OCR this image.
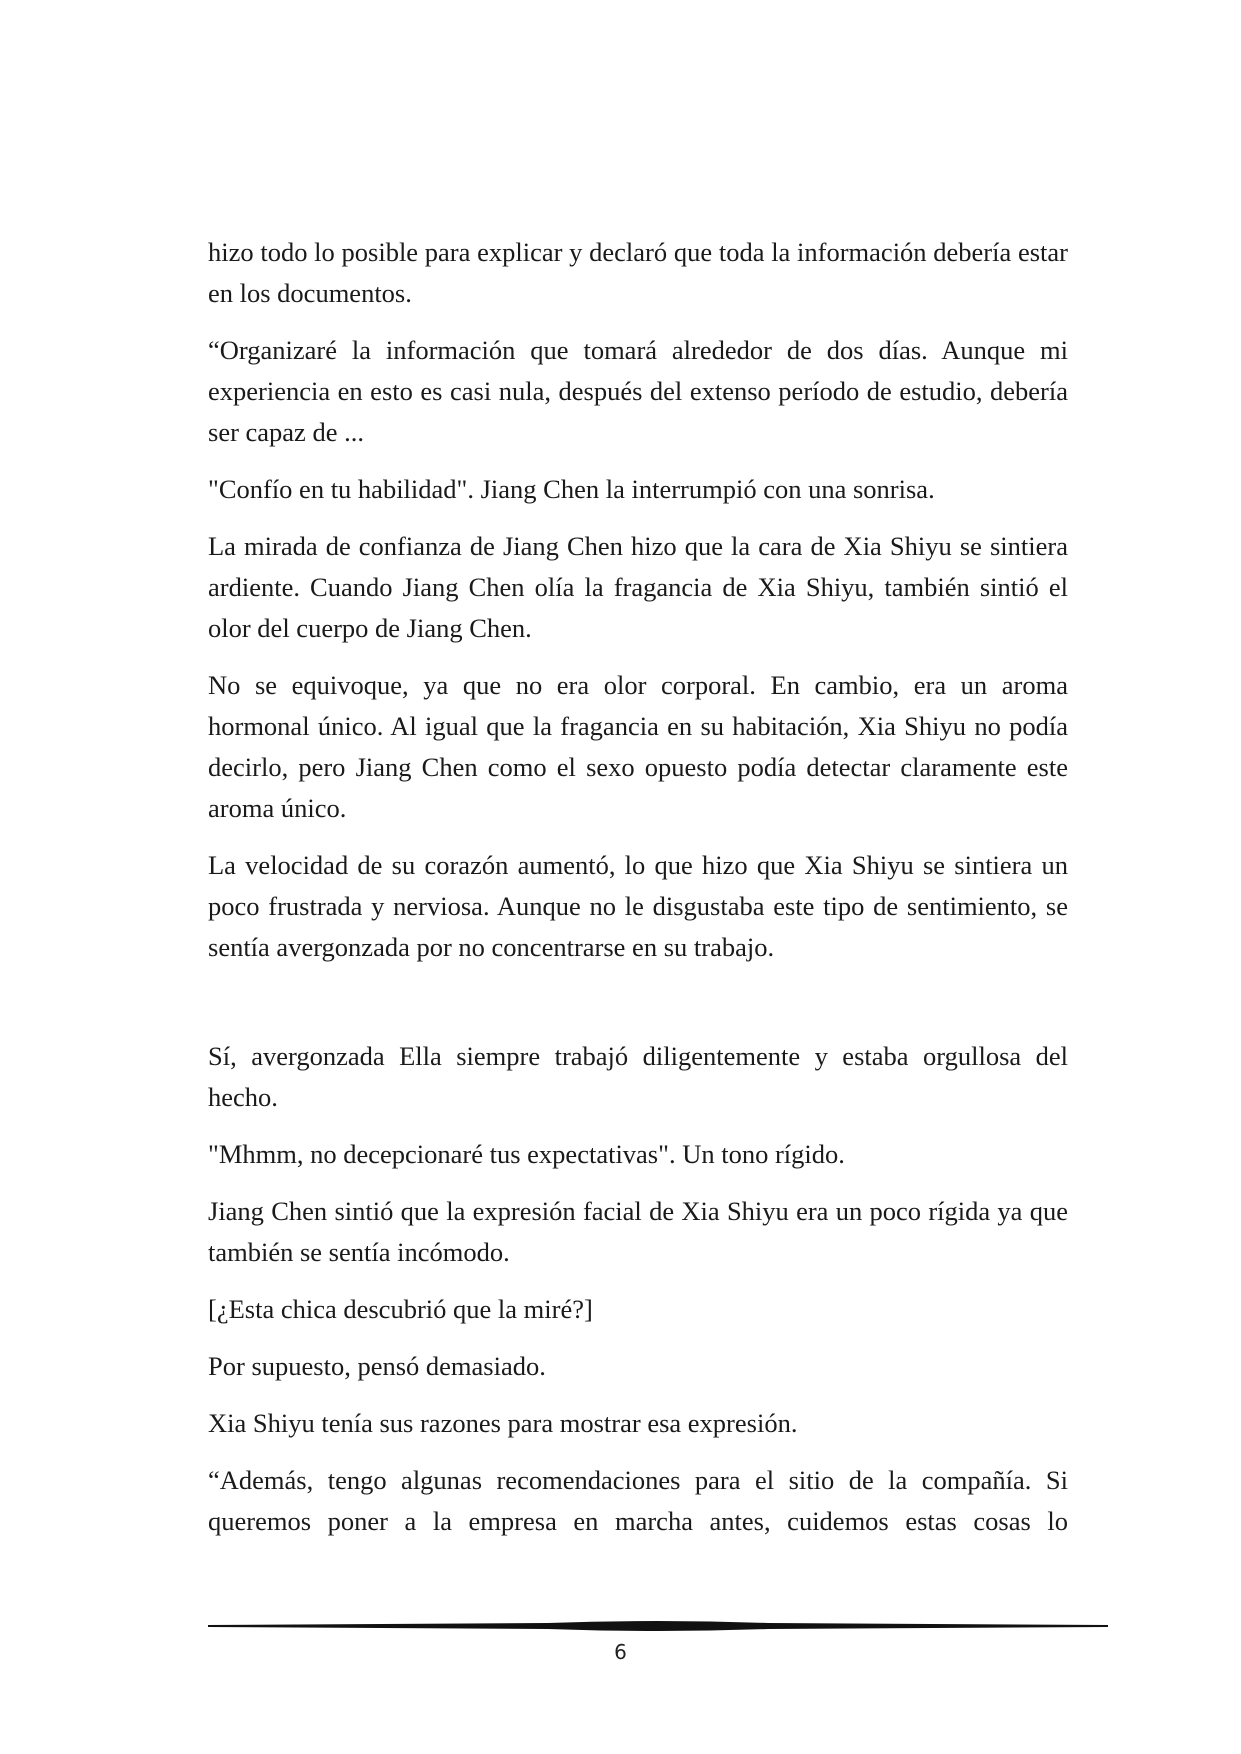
hizo todo lo posible para explicar y declaró que toda la información debería estar en los documentos.

“Organizaré la información que tomará alrededor de dos días. Aunque mi experiencia en esto es casi nula, después del extenso período de estudio, debería ser capaz de ...

"Confío en tu habilidad". Jiang Chen la interrumpió con una sonrisa.

La mirada de confianza de Jiang Chen hizo que la cara de Xia Shiyu se sintiera ardiente. Cuando Jiang Chen olía la fragancia de Xia Shiyu, también sintió el olor del cuerpo de Jiang Chen.

No se equivoque, ya que no era olor corporal. En cambio, era un aroma hormonal único. Al igual que la fragancia en su habitación, Xia Shiyu no podía decirlo, pero Jiang Chen como el sexo opuesto podía detectar claramente este aroma único.

La velocidad de su corazón aumentó, lo que hizo que Xia Shiyu se sintiera un poco frustrada y nerviosa. Aunque no le disgustaba este tipo de sentimiento, se sentía avergonzada por no concentrarse en su trabajo.

Sí, avergonzada Ella siempre trabajó diligentemente y estaba orgullosa del hecho.

"Mhmm, no decepcionaré tus expectativas". Un tono rígido.

Jiang Chen sintió que la expresión facial de Xia Shiyu era un poco rígida ya que también se sentía incómodo.

[¿Esta chica descubrió que la miré?]

Por supuesto, pensó demasiado.

Xia Shiyu tenía sus razones para mostrar esa expresión.

“Además, tengo algunas recomendaciones para el sitio de la compañía. Si queremos poner a la empresa en marcha antes, cuidemos estas cosas lo

6
